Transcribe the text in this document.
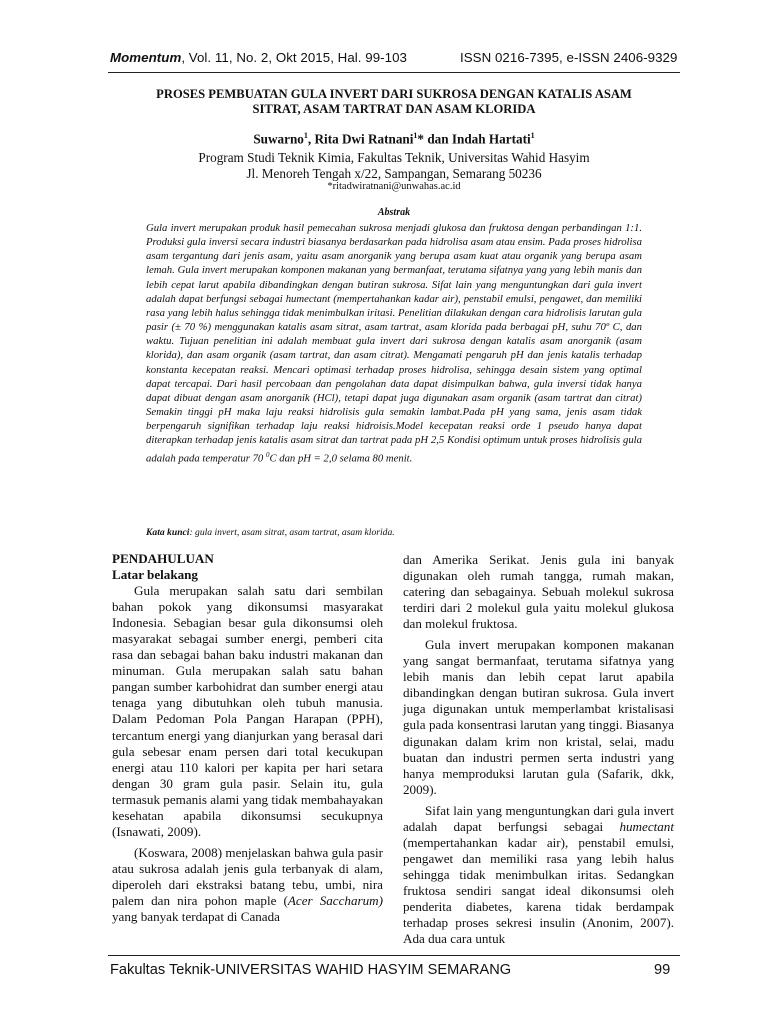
Momentum, Vol. 11, No. 2, Okt 2015, Hal. 99-103	ISSN 0216-7395, e-ISSN 2406-9329
PROSES PEMBUATAN GULA INVERT DARI SUKROSA DENGAN KATALIS ASAM
SITRAT, ASAM TARTRAT DAN ASAM KLORIDA
Suwarno$^1$, Rita Dwi Ratnani$^1$* dan Indah Hartati$^1$
Program Studi Teknik Kimia, Fakultas Teknik, Universitas Wahid Hasyim
Jl. Menoreh Tengah x/22, Sampangan, Semarang 50236
*ritadwiratnani@unwahas.ac.id
Abstrak

Gula invert merupakan produk hasil pemecahan sukrosa menjadi glukosa dan fruktosa dengan perbandingan 1:1. Produksi gula inversi secara industri biasanya berdasarkan pada hidrolisa asam atau ensim. Pada proses hidrolisa asam tergantung dari jenis asam, yaitu asam anorganik yang berupa asam kuat atau organik yang berupa asam lemah. Gula invert merupakan komponen makanan yang bermanfaat, terutama sifatnya yang yang lebih manis dan lebih cepat larut apabila dibandingkan dengan butiran sukrosa. Sifat lain yang menguntungkan dari gula invert adalah dapat berfungsi sebagai humectant (mempertahankan kadar air), penstabil emulsi, pengawet, dan memiliki rasa yang lebih halus sehingga tidak menimbulkan iritasi. Penelitian dilakukan dengan cara hidrolisis larutan gula pasir (± 70 %) menggunakan katalis asam sitrat, asam tartrat, asam klorida pada berbagai pH, suhu 70º C, dan waktu. Tujuan penelitian ini adalah membuat gula invert dari sukrosa dengan katalis asam anorganik (asam klorida), dan asam organik (asam tartrat, dan asam citrat). Mengamati pengaruh pH dan jenis katalis terhadap konstanta kecepatan reaksi. Mencari optimasi terhadap proses hidrolisa, sehingga desain sistem yang optimal dapat tercapai. Dari hasil percobaan dan pengolahan data dapat disimpulkan bahwa, gula inversi tidak hanya dapat dibuat dengan asam anorganik (HCl), tetapi dapat juga digunakan asam organik (asam tartrat dan citrat) Semakin tinggi pH maka laju reaksi hidrolisis gula semakin lambat.Pada pH yang sama, jenis asam tidak berpengaruh signifikan terhadap laju reaksi hidroisis.Model kecepatan reaksi orde 1 pseudo hanya dapat diterapkan terhadap jenis katalis asam sitrat dan tartrat pada pH 2,5 Kondisi optimum untuk proses hidrolisis gula adalah pada temperatur 70 $^0$C dan pH = 2,0 selama 80 menit.

Kata kunci: gula invert, asam sitrat, asam tartrat, asam klorida.
PENDAHULUAN
Latar belakang

Gula merupakan salah satu dari sembilan bahan pokok yang dikonsumsi masyarakat Indonesia. Sebagian besar gula dikonsumsi oleh masyarakat sebagai sumber energi, pemberi cita rasa dan sebagai bahan baku industri makanan dan minuman. Gula merupakan salah satu bahan pangan sumber karbohidrat dan sumber energi atau tenaga yang dibutuhkan oleh tubuh manusia. Dalam Pedoman Pola Pangan Harapan (PPH), tercantum energi yang dianjurkan yang berasal dari gula sebesar enam persen dari total kecukupan energi atau 110 kalori per kapita per hari setara dengan 30 gram gula pasir. Selain itu, gula termasuk pemanis alami yang tidak membahayakan kesehatan apabila dikonsumsi secukupnya (Isnawati, 2009).

(Koswara, 2008) menjelaskan bahwa gula pasir atau sukrosa adalah jenis gula terbanyak di alam, diperoleh dari ekstraksi batang tebu, umbi, nira palem dan nira pohon maple (Acer Saccharum) yang banyak terdapat di Canada

dan Amerika Serikat. Jenis gula ini banyak digunakan oleh rumah tangga, rumah makan, catering dan sebagainya. Sebuah molekul sukrosa terdiri dari 2 molekul gula yaitu molekul glukosa dan molekul fruktosa.

Gula invert merupakan komponen makanan yang sangat bermanfaat, terutama sifatnya yang lebih manis dan lebih cepat larut apabila dibandingkan dengan butiran sukrosa. Gula invert juga digunakan untuk memperlambat kristalisasi gula pada konsentrasi larutan yang tinggi. Biasanya digunakan dalam krim non kristal, selai, madu buatan dan industri permen serta industri yang hanya memproduksi larutan gula (Safarik, dkk, 2009).

Sifat lain yang menguntungkan dari gula invert adalah dapat berfungsi sebagai humectant (mempertahankan kadar air), penstabil emulsi, pengawet dan memiliki rasa yang lebih halus sehingga tidak menimbulkan iritas. Sedangkan fruktosa sendiri sangat ideal dikonsumsi oleh penderita diabetes, karena tidak berdampak terhadap proses sekresi insulin (Anonim, 2007). Ada dua cara untuk

Fakultas Teknik-UNIVERSITAS WAHID HASYIM SEMARANG	99
